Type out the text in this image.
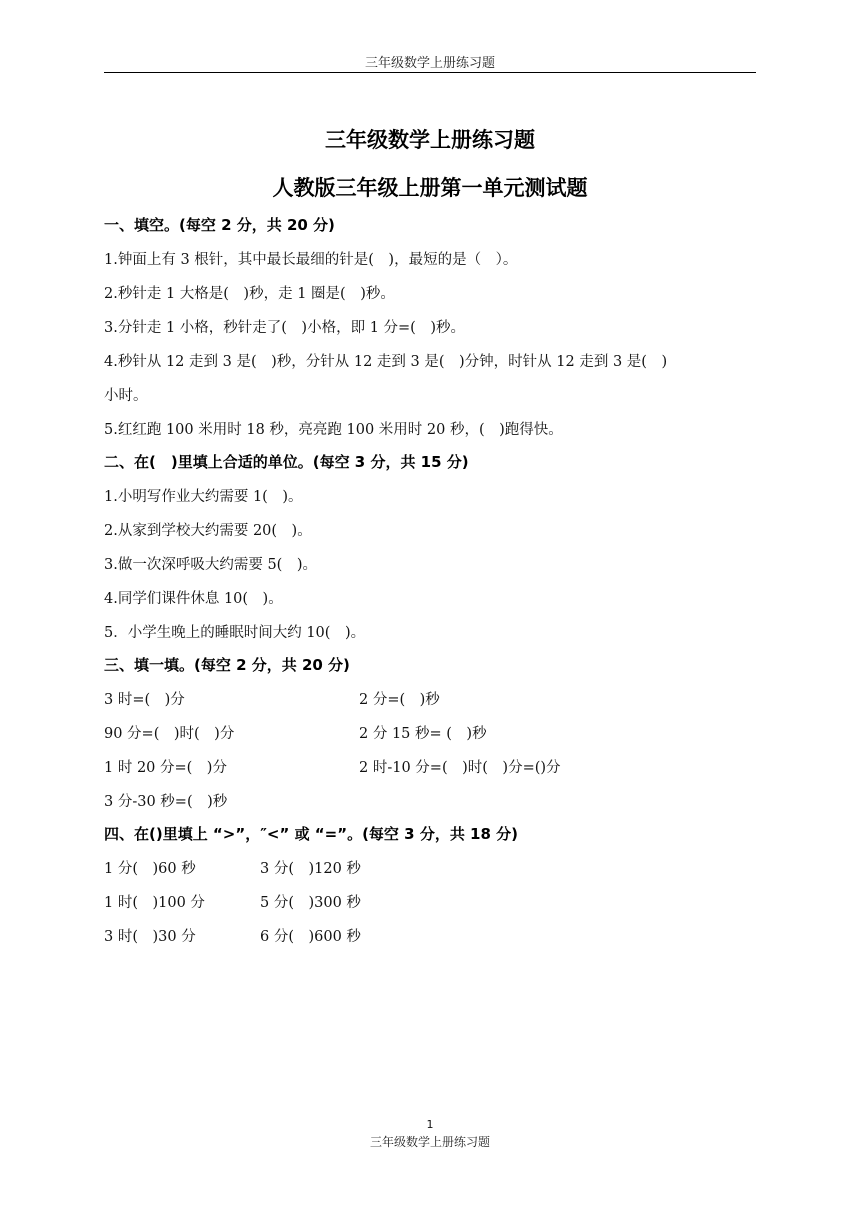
三年级数学上册练习题
三年级数学上册练习题
人教版三年级上册第一单元测试题
一、填空。(每空 2 分，共 20 分)
1.钟面上有 3 根针，其中最长最细的针是(　)，最短的是（　）。
2.秒针走 1 大格是(　)秒，走 1 圈是(　)秒。
3.分针走 1 小格，秒针走了(　)小格，即 1 分=(　)秒。
4.秒针从 12 走到 3 是(　)秒，分针从 12 走到 3 是(　)分钟，时针从 12 走到 3 是(　)
小时。
5.红红跑 100 米用时 18 秒，亮亮跑 100 米用时 20 秒，(　)跑得快。
二、在(　)里填上合适的单位。(每空 3 分，共 15 分)
1.小明写作业大约需要 1(　)。
2.从家到学校大约需要 20(　)。
3.做一次深呼吸大约需要 5(　)。
4.同学们课件休息 10(　)。
5．小学生晚上的睡眠时间大约 10(　)。
三、填一填。(每空 2 分，共 20 分)
3 时=(　)分	2 分=(　)秒
90 分=(　)时(　)分	2 分 15 秒= (　)秒
1 时 20 分=(　)分	2 时-10 分=(　)时(　)分=()分
3 分-30 秒=(　)秒
四、在()里填上 “>”，″<” 或 “=”。(每空 3 分，共 18 分)
1 分(　)60 秒	3 分(　)120 秒
1 时(　)100 分	5 分(　)300 秒
3 时(　)30 分	6 分(　)600 秒
1
三年级数学上册练习题
